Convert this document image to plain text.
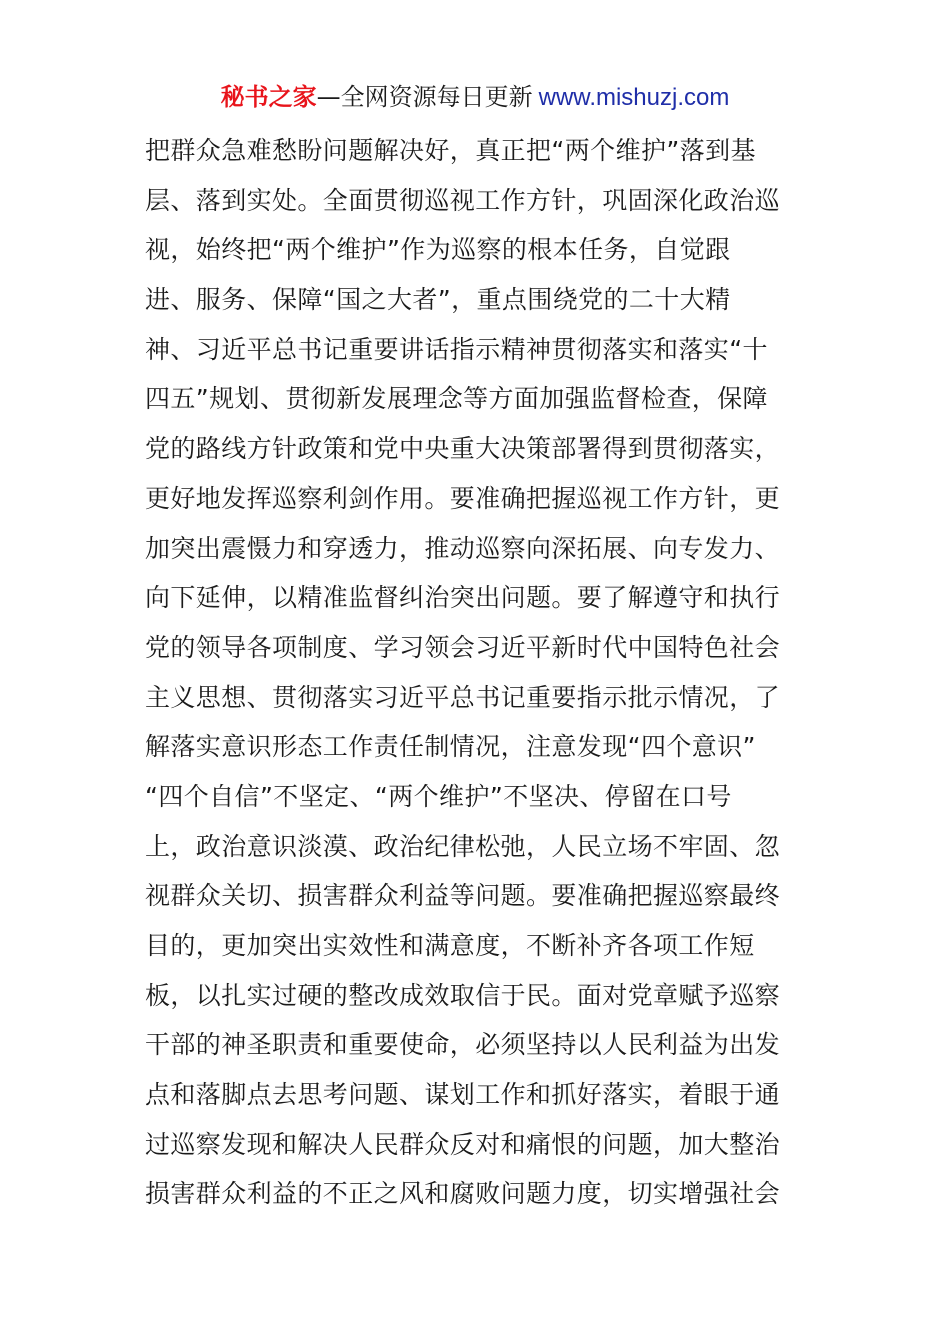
秘书之家—全网资源每日更新 www.mishuzj.com
把群众急难愁盼问题解决好，真正把“两个维护”落到基
层、落到实处。全面贯彻巡视工作方针，巩固深化政治巡
视，始终把“两个维护”作为巡察的根本任务，自觉跟
进、服务、保障“国之大者”，重点围绕党的二十大精
神、习近平总书记重要讲话指示精神贯彻落实和落实“十
四五”规划、贯彻新发展理念等方面加强监督检查，保障
党的路线方针政策和党中央重大决策部署得到贯彻落实，
更好地发挥巡察利剑作用。要准确把握巡视工作方针，更
加突出震慑力和穿透力，推动巡察向深拓展、向专发力、
向下延伸，以精准监督纠治突出问题。要了解遵守和执行
党的领导各项制度、学习领会习近平新时代中国特色社会
主义思想、贯彻落实习近平总书记重要指示批示情况，了
解落实意识形态工作责任制情况，注意发现“四个意识”
“四个自信”不坚定、“两个维护”不坚决、停留在口号
上，政治意识淡漠、政治纪律松弛，人民立场不牢固、忽
视群众关切、损害群众利益等问题。要准确把握巡察最终
目的，更加突出实效性和满意度，不断补齐各项工作短
板，以扎实过硬的整改成效取信于民。面对党章赋予巡察
干部的神圣职责和重要使命，必须坚持以人民利益为出发
点和落脚点去思考问题、谋划工作和抓好落实，着眼于通
过巡察发现和解决人民群众反对和痛恨的问题，加大整治
损害群众利益的不正之风和腐败问题力度，切实增强社会
